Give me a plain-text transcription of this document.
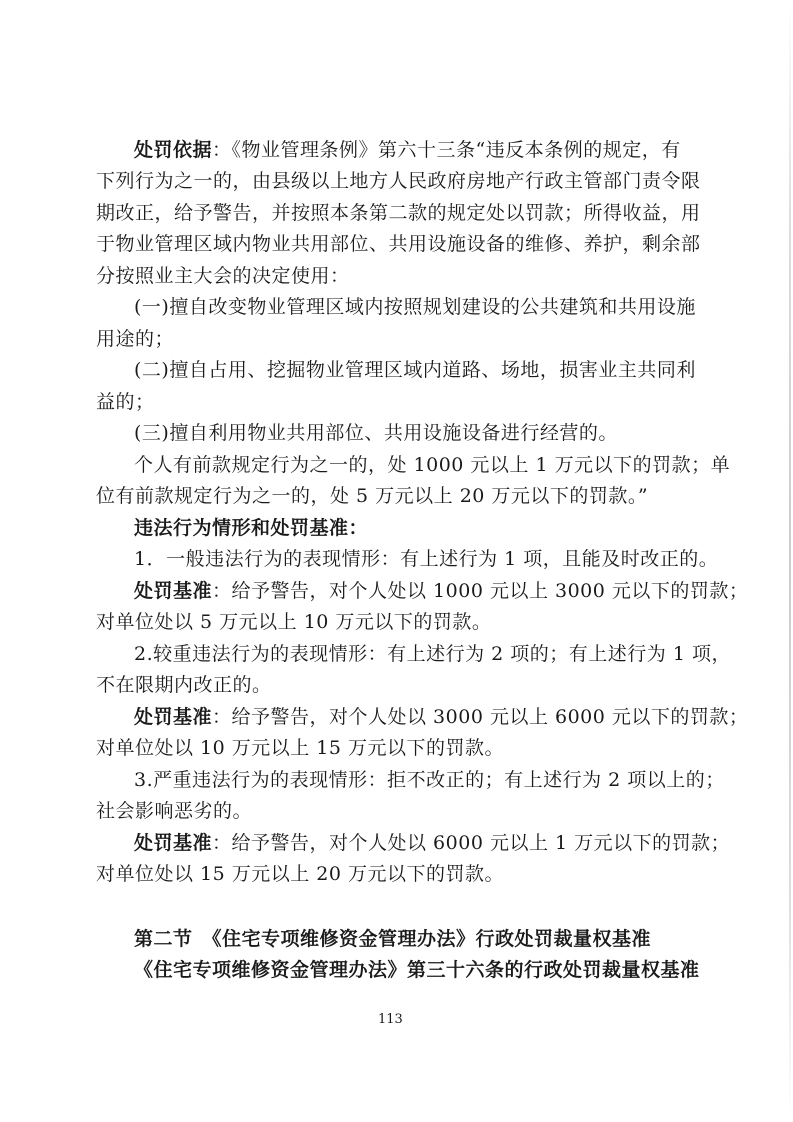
处罚依据：《物业管理条例》第六十三条“违反本条例的规定，有
下列行为之一的，由县级以上地方人民政府房地产行政主管部门责令限
期改正，给予警告，并按照本条第二款的规定处以罚款；所得收益，用
于物业管理区域内物业共用部位、共用设施设备的维修、养护，剩余部
分按照业主大会的决定使用：
(一)擅自改变物业管理区域内按照规划建设的公共建筑和共用设施
用途的；
(二)擅自占用、挖掘物业管理区域内道路、场地，损害业主共同利
益的；
(三)擅自利用物业共用部位、共用设施设备进行经营的。
个人有前款规定行为之一的，处 1000 元以上 1 万元以下的罚款；单
位有前款规定行为之一的，处 5 万元以上 20 万元以下的罚款。”
违法行为情形和处罚基准：
1．一般违法行为的表现情形：有上述行为 1 项，且能及时改正的。
处罚基准：给予警告，对个人处以 1000 元以上 3000 元以下的罚款；
对单位处以 5 万元以上 10 万元以下的罚款。
2.较重违法行为的表现情形：有上述行为 2 项的；有上述行为 1 项，
不在限期内改正的。
处罚基准：给予警告，对个人处以 3000 元以上 6000 元以下的罚款；
对单位处以 10 万元以上 15 万元以下的罚款。
3.严重违法行为的表现情形：拒不改正的；有上述行为 2 项以上的；
社会影响恶劣的。
处罚基准：给予警告，对个人处以 6000 元以上 1 万元以下的罚款；
对单位处以 15 万元以上 20 万元以下的罚款。
第二节　《住宅专项维修资金管理办法》行政处罚裁量权基准
《住宅专项维修资金管理办法》第三十六条的行政处罚裁量权基准
113
